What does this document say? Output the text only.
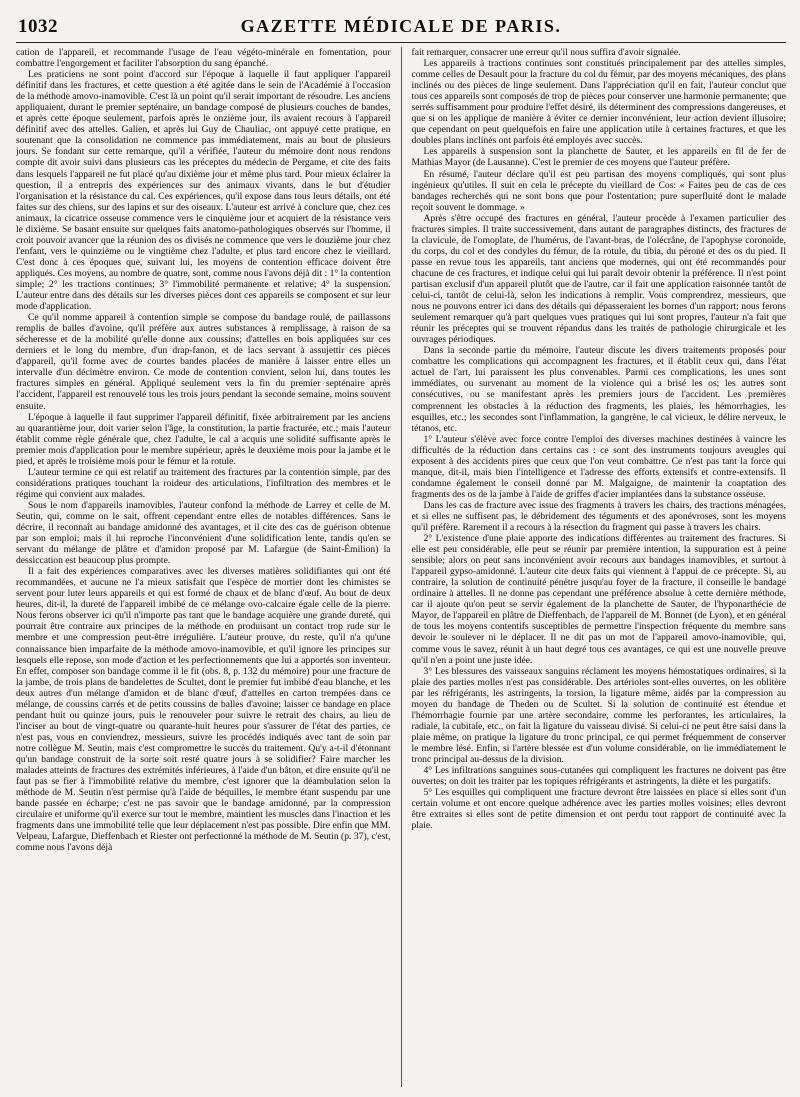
1032	GAZETTE MÉDICALE DE PARIS.

cation de l'appareil, et recommande l'usage de l'eau végéto-minérale en fomentation, pour combattre l'engorgement et faciliter l'absorption du sang épanché.

Les praticiens ne sont point d'accord sur l'époque à laquelle il faut appliquer l'appareil définitif dans les fractures, et cette question a été agitée dans le sein de l'Académie à l'occasion de la méthode amovo-inamovible. C'est là un point qu'il serait important de résoudre. Les anciens appliquaient, durant le premier septénaire, un bandage composé de plusieurs couches de bandes, et après cette époque seulement, parfois après le onzième jour, ils avaient recours à l'appareil définitif avec des attelles. Galien, et après lui Guy de Chauliac, ont appuyé cette pratique, en soutenant que la consolidation ne commence pas immédiatement, mais au bout de plusieurs jours. Se fondant sur cette remarque, qu'il a vérifiée, l'auteur du mémoire dont nous rendons compte dit avoir suivi dans plusieurs cas les préceptes du médecin de Pergame, et cite des faits dans lesquels l'appareil ne fut placé qu'au dixième jour et même plus tard. Pour mieux éclairer la question, il a entrepris des expériences sur des animaux vivants, dans le but d'étudier l'organisation et la résistance du cal. Ces expériences, qu'il expose dans tous leurs détails, ont été faites sur des chiens, sur des lapins et sur des oiseaux. L'auteur est arrivé à conclure que, chez ces animaux, la cicatrice osseuse commence vers le cinquième jour et acquiert de la résistance vers le dixième. Se basant ensuite sur quelques faits anatomo-pathologiques observés sur l'homme, il croit pouvoir avancer que la réunion des os divisés ne commence que vers le douzième jour chez l'enfant, vers le quinzième ou le vingtième chez l'adulte, et plus tard encore chez le vieillard. C'est donc à ces époques que, suivant lui, les moyens de contention efficace doivent être appliqués. Ces moyens, au nombre de quatre, sont, comme nous l'avons déjà dit : 1° la contention simple; 2° les tractions continues; 3° l'immobilité permanente et relative; 4° la suspension. L'auteur entre dans des détails sur les diverses pièces dont ces appareils se composent et sur leur mode d'application.

Ce qu'il nomme appareil à contention simple se compose du bandage roulé, de paillassons remplis de balles d'avoine, qu'il préfère aux autres substances à remplissage, à raison de sa sécheresse et de la mobilité qu'elle donne aux coussins; d'attelles en bois appliquées sur ces derniers et le long du membre, d'un drap-fanon, et de lacs servant à assujettir ces pièces d'appareil, qu'il forme avec de courtes bandes placées de manière à laisser entre elles un intervalle d'un décimètre environ. Ce mode de contention convient, selon lui, dans toutes les fractures simples en général. Appliqué seulement vers la fin du premier septénaire après l'accident, l'appareil est renouvelé tous les trois jours pendant la seconde semaine, moins souvent ensuite.

L'époque à laquelle il faut supprimer l'appareil définitif, fixée arbitrairement par les anciens au quarantième jour, doit varier selon l'âge, la constitution, la partie fracturée, etc.; mais l'auteur établit comme règle générale que, chez l'adulte, le cal a acquis une solidité suffisante après le premier mois d'application pour le membre supérieur, après le deuxième mois pour la jambe et le pied, et après le troisième mois pour le fémur et la rotule.

L'auteur termine ce qui est relatif au traitement des fractures par la contention simple, par des considérations pratiques touchant la roideur des articulations, l'infiltration des membres et le régime qui convient aux malades.

Sous le nom d'appareils inamovibles, l'auteur confond la méthode de Larrey et celle de M. Seutin, qui, comme on le sait, offrent cependant entre elles de notables différences. Sans le décrire, il reconnaît au bandage amidonné des avantages, et il cite des cas de guérison obtenue par son emploi; mais il lui reproche l'inconvénient d'une solidification lente, tandis qu'en se servant du mélange de plâtre et d'amidon proposé par M. Lafargue (de Saint-Émilion) la dessiccation est beaucoup plus prompte.

Il a fait des expériences comparatives avec les diverses matières solidifiantes qui ont été recommandées, et aucune ne l'a mieux satisfait que l'espèce de mortier dont les chimistes se servent pour luter leurs appareils et qui est formé de chaux et de blanc d'œuf. Au bout de deux heures, dit-il, la dureté de l'appareil imbibé de ce mélange ovo-calcaire égale celle de la pierre. Nous ferons observer ici qu'il n'importe pas tant que le bandage acquière une grande dureté, qui pourrait être contraire aux principes de la méthode en produisant un contact trop rude sur le membre et une compression peut-être irrégulière. L'auteur prouve, du reste, qu'il n'a qu'une connaissance bien imparfaite de la méthode amovo-inamovible, et qu'il ignore les principes sur lesquels elle repose, son mode d'action et les perfectionnements que lui a apportés son inventeur. En effet, composer son bandage comme il le fit (obs. 8, p. 132 du mémoire) pour une fracture de la jambe, de trois plans de bandelettes de Scultet, dont le premier fut imbibé d'eau blanche, et les deux autres d'un mélange d'amidon et de blanc d'œuf, d'attelles en carton trempées dans ce mélange, de coussins carrés et de petits coussins de balles d'avoine; laisser ce bandage en place pendant huit ou quinze jours, puis le renouveler pour suivre le retrait des chairs, au lieu de l'inciser au bout de vingt-quatre ou quarante-huit heures pour s'assurer de l'état des parties, ce n'est pas, vous en conviendrez, messieurs, suivre les procédés indiqués avec tant de soin par notre collègue M. Seutin, mais c'est compromettre le succès du traitement. Qu'y a-t-il d'étonnant qu'un bandage construit de la sorte soit resté quatre jours à se solidifier? Faire marcher les malades atteints de fractures des extrémités inférieures, à l'aide d'un bâton, et dire ensuite qu'il ne faut pas se fier à l'immobilité relative du membre, c'est ignorer que la déambulation selon la méthode de M. Seutin n'est permise qu'à l'aide de béquilles, le membre étant suspendu par une bande passée en écharpe; c'est ne pas savoir que le bandage amidonné, par la compression circulaire et uniforme qu'il exerce sur tout le membre, maintient les muscles dans l'inaction et les fragments dans une immobilité telle que leur déplacement n'est pas possible. Dire enfin que MM. Velpeau, Lafargue, Dieffenbach et Riester ont perfectionné la méthode de M. Seutin (p. 37), c'est, comme nous l'avons déjà

fait remarquer, consacrer une erreur qu'il nous suffira d'avoir signalée.

Les appareils à tractions continues sont constitués principalement par des attelles simples, comme celles de Desault pour la fracture du col du fémur, par des moyens mécaniques, des plans inclinés ou des pièces de linge seulement. Dans l'appréciation qu'il en fait, l'auteur conclut que tous ces appareils sont composés de trop de pièces pour conserver une harmonie permanente; que serrés suffisamment pour produire l'effet désiré, ils déterminent des compressions dangereuses, et que si on les applique de manière à éviter ce dernier inconvénient, leur action devient illusoire; que cependant on peut quelquefois en faire une application utile à certaines fractures, et que les doubles plans inclinés ont parfois été employés avec succès.

Les appareils à suspension sont la planchette de Sauter, et les appareils en fil de fer de Mathias Mayor (de Lausanne). C'est le premier de ces moyens que l'auteur préfère.

En résumé, l'auteur déclare qu'il est peu partisan des moyens compliqués, qui sont plus ingénieux qu'utiles. Il suit en cela le précepte du vieillard de Cos: « Faites peu de cas de ces bandages recherchés qui ne sont bons que pour l'ostentation; pure superfluité dont le malade reçoit souvent le dommage. »

Après s'être occupé des fractures en général, l'auteur procède à l'examen particulier des fractures simples. Il traite successivement, dans autant de paragraphes distincts, des fractures de la clavicule, de l'omoplate, de l'humérus, de l'avant-bras, de l'olécrâne, de l'apophyse coronoïde, du corps, du col et des condyles du fémur, de la rotule, du tibia, du péroné et des os du pied. Il passe en revue tous les appareils, tant anciens que modernes, qui ont été recommandés pour chacune de ces fractures, et indique celui qui lui paraît devoir obtenir la préférence. Il n'est point partisan exclusif d'un appareil plutôt que de l'autre, car il fait une application raisonnée tantôt de celui-ci, tantôt de celui-là, selon les indications à remplir. Vous comprendrez, messieurs, que nous ne pouvons entrer ici dans des détails qui dépasseraient les bornes d'un rapport; nous ferons seulement remarquer qu'à part quelques vues pratiques qui lui sont propres, l'auteur n'a fait que réunir les préceptes qui se trouvent répandus dans les traités de pathologie chirurgicale et les ouvrages périodiques.

Dans la seconde partie du mémoire, l'auteur discute les divers traitements proposés pour combattre les complications qui accompagnent les fractures, et il établit ceux qui, dans l'état actuel de l'art, lui paraissent les plus convenables. Parmi ces complications, les unes sont immédiates, ou survenant au moment de la violence qui a brisé les os; les autres sont consécutives, ou se manifestant après les premiers jours de l'accident. Les premières comprennent les obstacles à la réduction des fragments, les plaies, les hémorrhagies, les esquilles, etc.; les secondes sont l'inflammation, la gangrène, le cal vicieux, le délire nerveux, le tétanos, etc.

1° L'auteur s'élève avec force contre l'emploi des diverses machines destinées à vaincre les difficultés de la réduction dans certains cas : ce sont des instruments toujours aveugles qui exposent à des accidents pires que ceux que l'on veut combattre. Ce n'est pas tant la force qui manque, dit-il, mais bien l'intelligence et l'adresse des efforts extensifs et contre-extensifs. Il condamne également le conseil donné par M. Malgaigne, de maintenir la coaptation des fragments des os de la jambe à l'aide de griffes d'acier implantées dans la substance osseuse.

Dans les cas de fracture avec issue des fragments à travers les chairs, des tractions ménagées, et si elles ne suffisent pas, le débridement des téguments et des aponévroses, sont les moyens qu'il préfère. Rarement il a recours à la résection du fragment qui passe à travers les chairs.

2° L'existence d'une plaie apporte des indications différentes au traitement des fractures. Si elle est peu considérable, elle peut se réunir par première intention, la suppuration est à peine sensible; alors on peut sans inconvénient avoir recours aux bandages inamovibles, et surtout à l'appareil gypso-amidonné. L'auteur cite deux faits qui viennent à l'appui de ce précepte. Si, au contraire, la solution de continuité pénètre jusqu'au foyer de la fracture, il conseille le bandage ordinaire à attelles. Il ne donne pas cependant une préférence absolue à cette dernière méthode, car il ajoute qu'on peut se servir également de la planchette de Sauter, de l'hyponarthécie de Mayor, de l'appareil en plâtre de Dieffenbach, de l'appareil de M. Bonnet (de Lyon), et en général de tous les moyens contentifs susceptibles de permettre l'inspection fréquente du membre sans devoir le soulever ni le déplacer. Il ne dit pas un mot de l'appareil amovo-inamovible, qui, comme vous le savez, réunit à un haut degré tous ces avantages, ce qui est une nouvelle preuve qu'il n'en a point une juste idée.

3° Les blessures des vaisseaux sanguins réclament les moyens hémostatiques ordinaires, si la plaie des parties molles n'est pas considérable. Des artérioles sont-elles ouvertes, on les oblitère par les réfrigérants, les astringents, la torsion, la ligature même, aidés par la compression au moyen du bandage de Theden ou de Scultet. Si la solution de continuité est étendue et l'hémorrhagie fournie par une artère secondaire, comme les perforantes, les articulaires, la radiale, la cubitale, etc., on fait la ligature du vaisseau divisé. Si celui-ci ne peut être saisi dans la plaie même, on pratique la ligature du tronc principal, ce qui permet fréquemment de conserver le membre lésé. Enfin, si l'artère blessée est d'un volume considérable, on lie immédiatement le tronc principal au-dessus de la division.

4° Les infiltrations sanguines sous-cutanées qui compliquent les fractures ne doivent pas être ouvertes; on doit les traiter par les topiques réfrigérants et astringents, la diète et les purgatifs.

5° Les esquilles qui compliquent une fracture devront être laissées en place si elles sont d'un certain volume et ont encore quelque adhérence avec les parties molles voisines; elles devront être extraites si elles sont de petite dimension et ont perdu tout rapport de continuité avec la plaie.
